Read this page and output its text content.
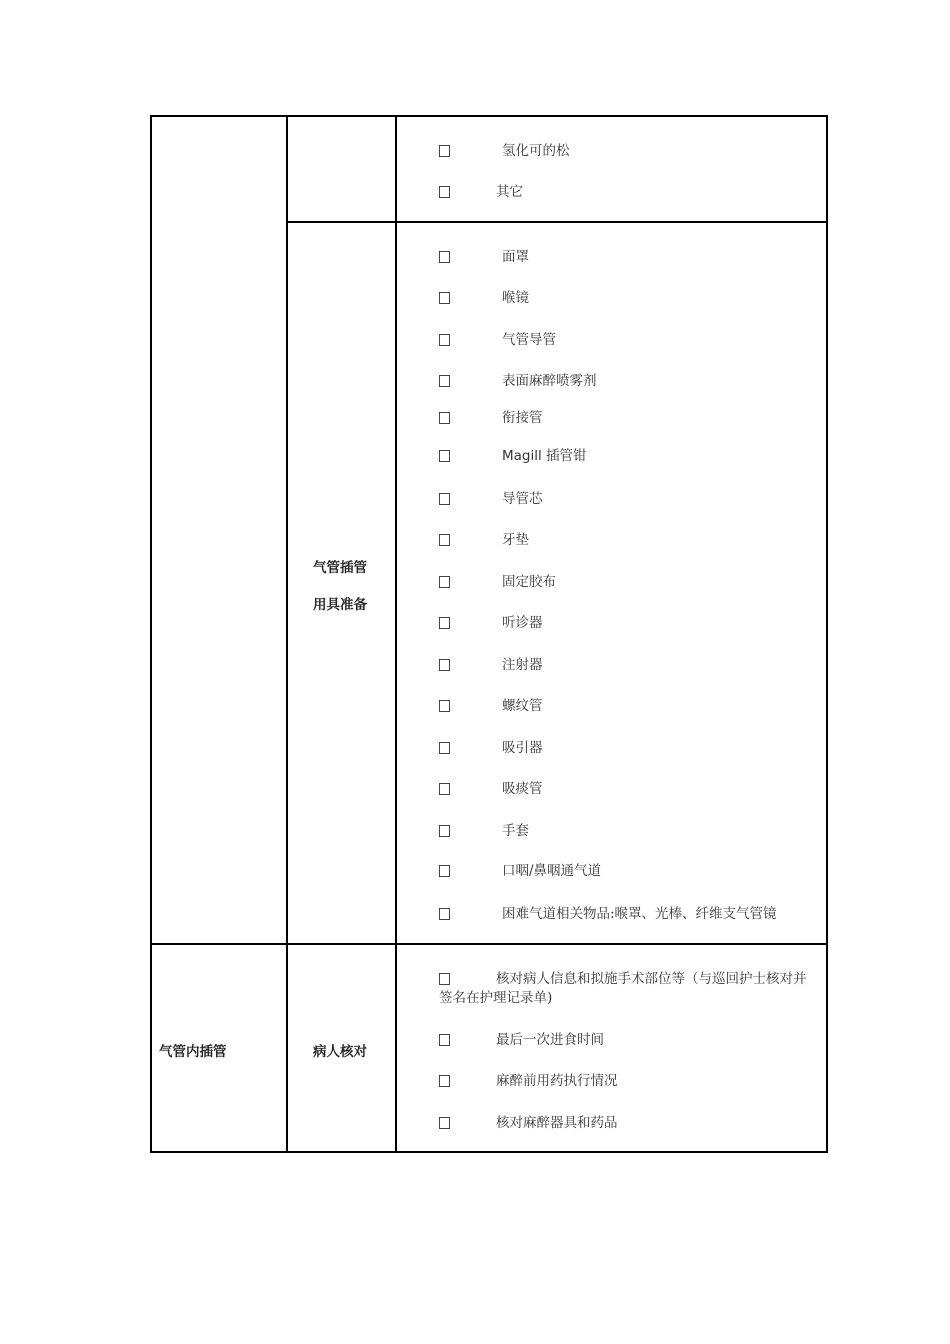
气管内插管
气管插管
用具准备
病人核对
氢化可的松
其它
面罩
喉镜
气管导管
表面麻醉喷雾剂
衔接管
Magill 插管钳
导管芯
牙垫
固定胶布
听诊器
注射器
螺纹管
吸引器
吸痰管
手套
口咽/鼻咽通气道
困难气道相关物品:喉罩、光棒、纤维支气管镜
核对病人信息和拟施手术部位等（与巡回护士核对并签名在护理记录单)
最后一次进食时间
麻醉前用药执行情况
核对麻醉器具和药品
